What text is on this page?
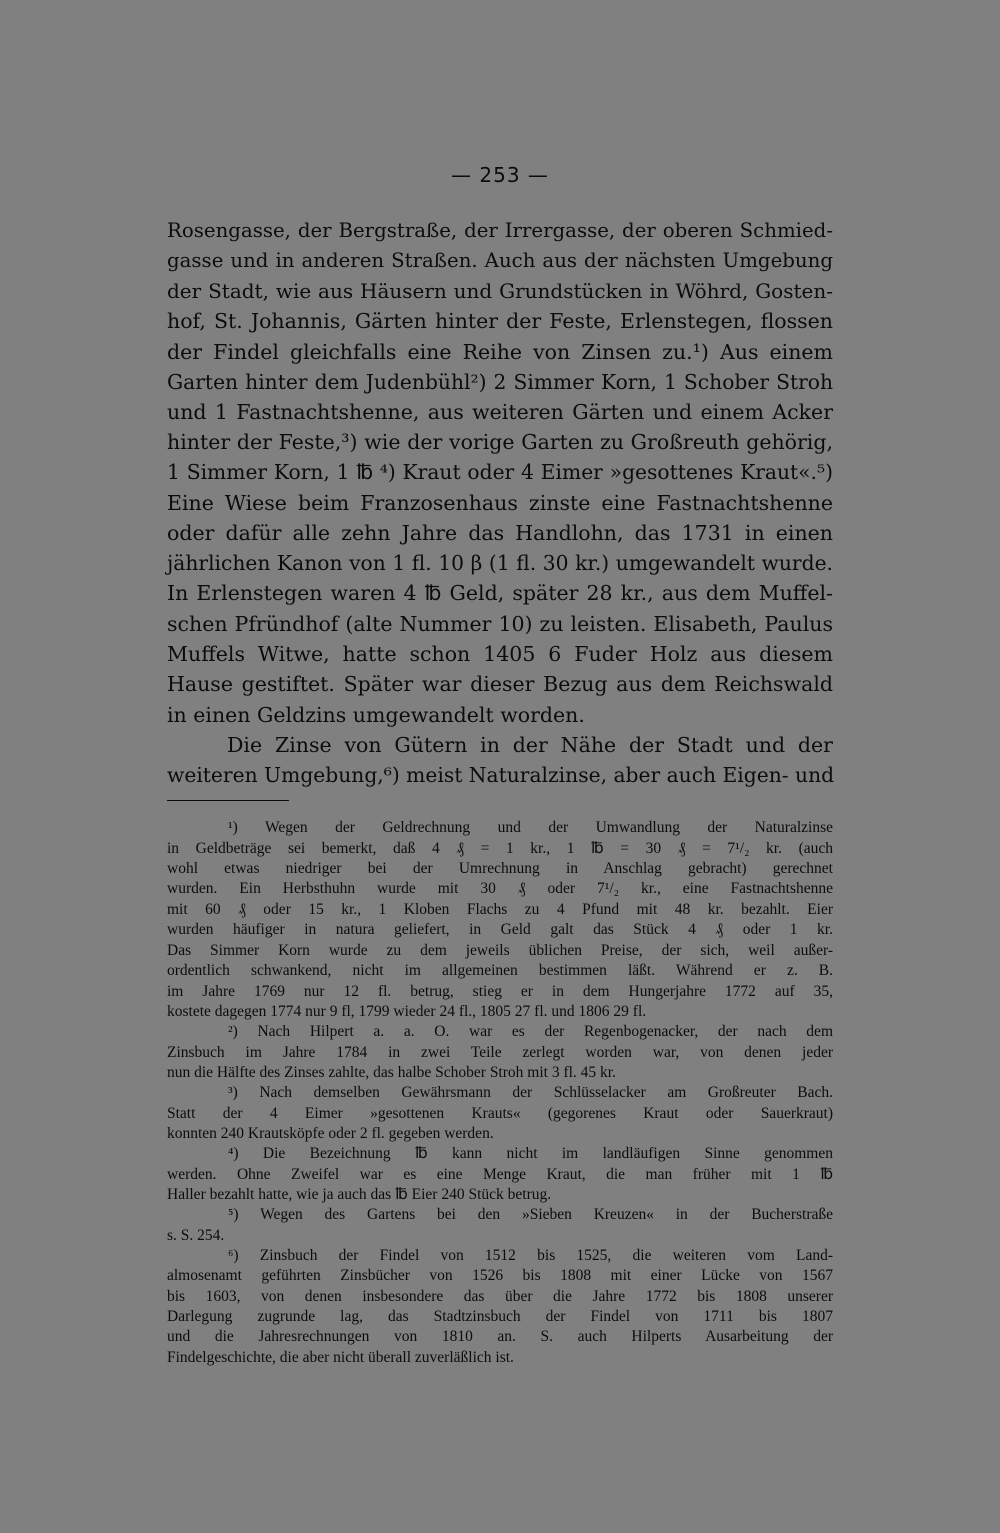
— 253 —
Rosengasse, der Bergstraße, der Irrergasse, der oberen Schmied-
gasse und in anderen Straßen. Auch aus der nächsten Umgebung
der Stadt, wie aus Häusern und Grundstücken in Wöhrd, Gosten-
hof, St. Johannis, Gärten hinter der Feste, Erlenstegen, flossen
der Findel gleichfalls eine Reihe von Zinsen zu.¹) Aus einem
Garten hinter dem Judenbühl²) 2 Simmer Korn, 1 Schober Stroh
und 1 Fastnachtshenne, aus weiteren Gärten und einem Acker
hinter der Feste,³) wie der vorige Garten zu Großreuth gehörig,
1 Simmer Korn, 1 ℔ ⁴) Kraut oder 4 Eimer »gesottenes Kraut«.⁵)
Eine Wiese beim Franzosenhaus zinste eine Fastnachtshenne
oder dafür alle zehn Jahre das Handlohn, das 1731 in einen
jährlichen Kanon von 1 fl. 10 β (1 fl. 30 kr.) umgewandelt wurde.
In Erlenstegen waren 4 ℔ Geld, später 28 kr., aus dem Muffel-
schen Pfründhof (alte Nummer 10) zu leisten. Elisabeth, Paulus
Muffels Witwe, hatte schon 1405 6 Fuder Holz aus diesem
Hause gestiftet. Später war dieser Bezug aus dem Reichswald
in einen Geldzins umgewandelt worden.
Die Zinse von Gütern in der Nähe der Stadt und der
weiteren Umgebung,⁶) meist Naturalzinse, aber auch Eigen- und
¹) Wegen der Geldrechnung und der Umwandlung der Naturalzinse
in Geldbeträge sei bemerkt, daß 4 ₰ = 1 kr., 1 ℔ = 30 ₰ = 7¹/₂ kr. (auch
wohl etwas niedriger bei der Umrechnung in Anschlag gebracht) gerechnet
wurden. Ein Herbsthuhn wurde mit 30 ₰ oder 7¹/₂ kr., eine Fastnachtshenne
mit 60 ₰ oder 15 kr., 1 Kloben Flachs zu 4 Pfund mit 48 kr. bezahlt. Eier
wurden häufiger in natura geliefert, in Geld galt das Stück 4 ₰ oder 1 kr.
Das Simmer Korn wurde zu dem jeweils üblichen Preise, der sich, weil außer-
ordentlich schwankend, nicht im allgemeinen bestimmen läßt. Während er z. B.
im Jahre 1769 nur 12 fl. betrug, stieg er in dem Hungerjahre 1772 auf 35,
kostete dagegen 1774 nur 9 fl, 1799 wieder 24 fl., 1805 27 fl. und 1806 29 fl.
²) Nach Hilpert a. a. O. war es der Regenbogenacker, der nach dem
Zinsbuch im Jahre 1784 in zwei Teile zerlegt worden war, von denen jeder
nun die Hälfte des Zinses zahlte, das halbe Schober Stroh mit 3 fl. 45 kr.
³) Nach demselben Gewährsmann der Schlüsselacker am Großreuter Bach.
Statt der 4 Eimer »gesottenen Krauts« (gegorenes Kraut oder Sauerkraut)
konnten 240 Krautsköpfe oder 2 fl. gegeben werden.
⁴) Die Bezeichnung ℔ kann nicht im landläufigen Sinne genommen
werden. Ohne Zweifel war es eine Menge Kraut, die man früher mit 1 ℔
Haller bezahlt hatte, wie ja auch das ℔ Eier 240 Stück betrug.
⁵) Wegen des Gartens bei den »Sieben Kreuzen« in der Bucherstraße
s. S. 254.
⁶) Zinsbuch der Findel von 1512 bis 1525, die weiteren vom Land-
almosenamt geführten Zinsbücher von 1526 bis 1808 mit einer Lücke von 1567
bis 1603, von denen insbesondere das über die Jahre 1772 bis 1808 unserer
Darlegung zugrunde lag, das Stadtzinsbuch der Findel von 1711 bis 1807
und die Jahresrechnungen von 1810 an. S. auch Hilperts Ausarbeitung der
Findelgeschichte, die aber nicht überall zuverläßlich ist.
